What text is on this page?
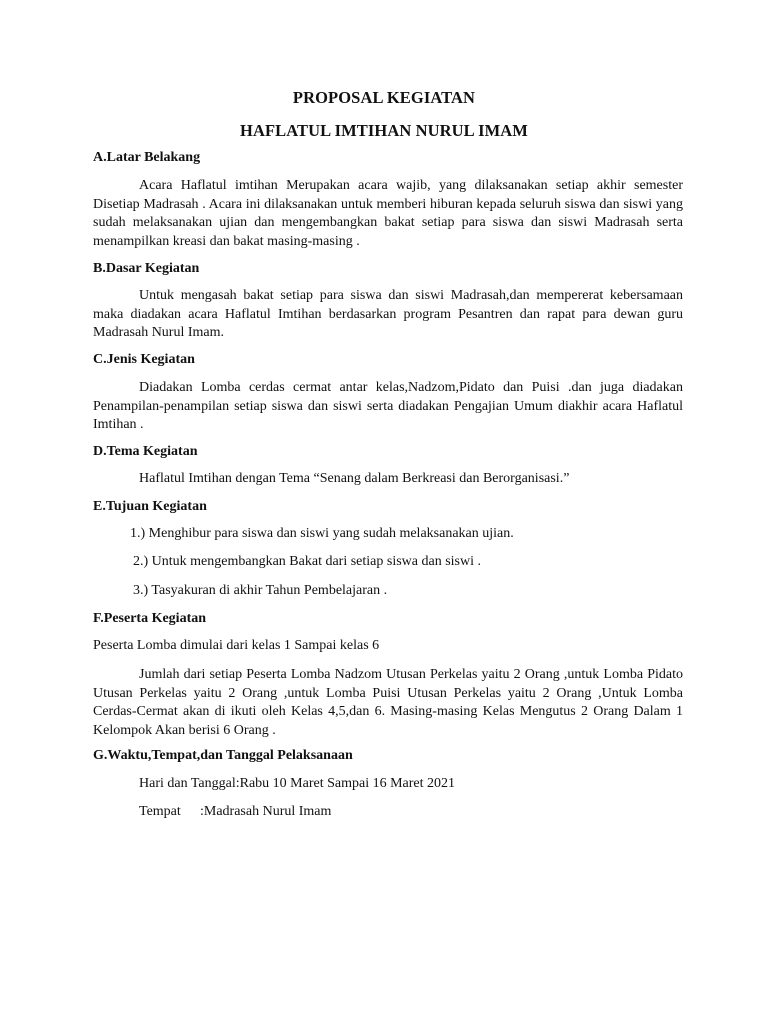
PROPOSAL KEGIATAN
HAFLATUL IMTIHAN NURUL IMAM
A.Latar Belakang
Acara Haflatul imtihan Merupakan acara wajib, yang dilaksanakan setiap akhir semester Disetiap Madrasah . Acara ini dilaksanakan untuk memberi hiburan kepada seluruh siswa dan siswi yang sudah melaksanakan ujian dan mengembangkan bakat setiap para siswa dan siswi Madrasah serta menampilkan kreasi dan bakat masing-masing .
B.Dasar Kegiatan
Untuk mengasah bakat setiap para siswa dan siswi Madrasah,dan mempererat kebersamaan maka diadakan acara Haflatul Imtihan berdasarkan program Pesantren dan rapat para dewan guru Madrasah Nurul Imam.
C.Jenis Kegiatan
Diadakan Lomba cerdas cermat antar kelas,Nadzom,Pidato dan Puisi .dan juga diadakan Penampilan-penampilan setiap siswa dan siswi serta diadakan Pengajian Umum diakhir acara Haflatul Imtihan .
D.Tema Kegiatan
Haflatul Imtihan dengan Tema “Senang dalam Berkreasi dan Berorganisasi.”
E.Tujuan Kegiatan
1.) Menghibur para siswa dan siswi yang sudah melaksanakan ujian.
2.) Untuk mengembangkan Bakat dari setiap siswa dan siswi .
3.) Tasyakuran di akhir Tahun Pembelajaran .
F.Peserta Kegiatan
Peserta Lomba dimulai dari kelas 1 Sampai kelas 6
Jumlah dari setiap Peserta Lomba Nadzom Utusan Perkelas yaitu 2 Orang ,untuk Lomba Pidato Utusan Perkelas yaitu 2 Orang ,untuk Lomba Puisi Utusan Perkelas yaitu 2 Orang ,Untuk Lomba Cerdas-Cermat akan di ikuti oleh Kelas 4,5,dan 6. Masing-masing Kelas Mengutus 2 Orang Dalam 1 Kelompok Akan berisi 6 Orang .
G.Waktu,Tempat,dan Tanggal Pelaksanaan
Hari dan Tanggal:Rabu 10 Maret Sampai 16 Maret 2021
Tempat :Madrasah Nurul Imam
